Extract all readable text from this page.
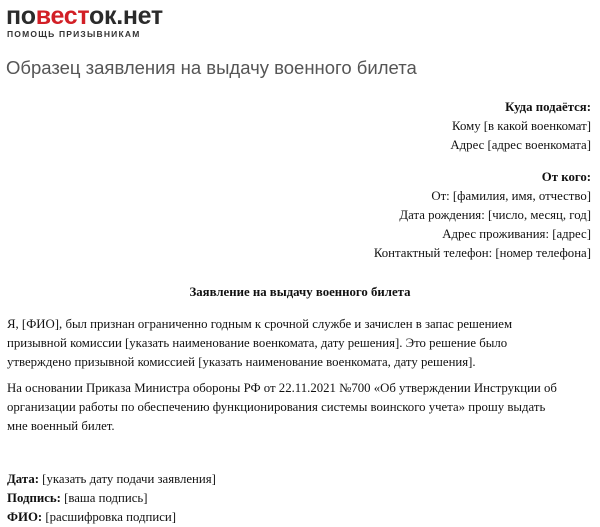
повесток.нет
ПОМОЩЬ ПРИЗЫВНИКАМ
Образец заявления на выдачу военного билета
Куда подаётся:
Кому [в какой военкомат]
Адрес [адрес военкомата]
От кого:
От: [фамилия, имя, отчество]
Дата рождения: [число, месяц, год]
Адрес проживания: [адрес]
Контактный телефон: [номер телефона]
Заявление на выдачу военного билета
Я, [ФИО], был признан ограниченно годным к срочной службе и зачислен в запас решением
призывной комиссии [указать наименование военкомата, дату решения]. Это решение было
утверждено призывной комиссией [указать наименование военкомата, дату решения].
На основании Приказа Министра обороны РФ от 22.11.2021 №700 «Об утверждении Инструкции об
организации работы по обеспечению функционирования системы воинского учета» прошу выдать
мне военный билет.
Дата: [указать дату подачи заявления]
Подпись: [ваша подпись]
ФИО: [расшифровка подписи]
